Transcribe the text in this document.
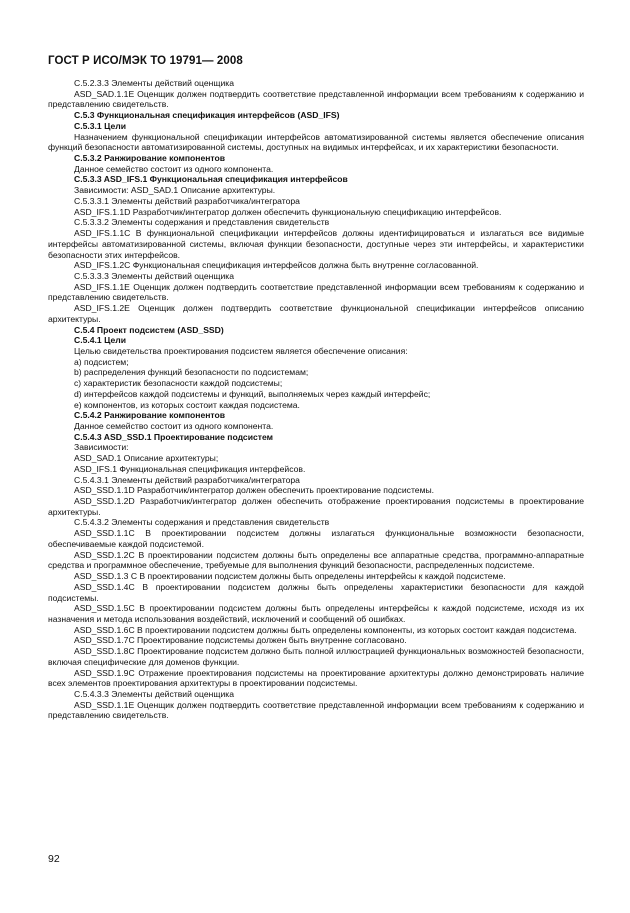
ГОСТ Р ИСО/МЭК ТО 19791— 2008

C.5.2.3.3 Элементы действий оценщика

ASD_SAD.1.1E Оценщик должен подтвердить соответствие представленной информации всем требованиям к содержанию и представлению свидетельств.

C.5.3 Функциональная спецификация интерфейсов (ASD_IFS)

C.5.3.1 Цели

Назначением функциональной спецификации интерфейсов автоматизированной системы является обеспечение описания функций безопасности автоматизированной системы, доступных на видимых интерфейсах, и их характеристики безопасности.

C.5.3.2 Ранжирование компонентов

Данное семейство состоит из одного компонента.

C.5.3.3 ASD_IFS.1 Функциональная спецификация интерфейсов

Зависимости: ASD_SAD.1 Описание архитектуры.

C.5.3.3.1 Элементы действий разработчика/интегратора

ASD_IFS.1.1D Разработчик/интегратор должен обеспечить функциональную спецификацию интерфейсов.

C.5.3.3.2 Элементы содержания и представления свидетельств

ASD_IFS.1.1C В функциональной спецификации интерфейсов должны идентифицироваться и излагаться все видимые интерфейсы автоматизированной системы, включая функции безопасности, доступные через эти интерфейсы, и характеристики безопасности этих интерфейсов.

ASD_IFS.1.2C Функциональная спецификация интерфейсов должна быть внутренне согласованной.

C.5.3.3.3 Элементы действий оценщика

ASD_IFS.1.1E Оценщик должен подтвердить соответствие представленной информации всем требованиям к содержанию и представлению свидетельств.

ASD_IFS.1.2E Оценщик должен подтвердить соответствие функциональной спецификации интерфейсов описанию архитектуры.

C.5.4 Проект подсистем (ASD_SSD)

C.5.4.1 Цели

Целью свидетельства проектирования подсистем является обеспечение описания:

a) подсистем;

b) распределения функций безопасности по подсистемам;

c) характеристик безопасности каждой подсистемы;

d) интерфейсов каждой подсистемы и функций, выполняемых через каждый интерфейс;

e) компонентов, из которых состоит каждая подсистема.

C.5.4.2 Ранжирование компонентов

Данное семейство состоит из одного компонента.

C.5.4.3 ASD_SSD.1 Проектирование подсистем

Зависимости:

ASD_SAD.1 Описание архитектуры;

ASD_IFS.1 Функциональная спецификация интерфейсов.

C.5.4.3.1 Элементы действий разработчика/интегратора

ASD_SSD.1.1D Разработчик/интегратор должен обеспечить проектирование подсистемы.

ASD_SSD.1.2D Разработчик/интегратор должен обеспечить отображение проектирования подсистемы в проектирование архитектуры.

C.5.4.3.2 Элементы содержания и представления свидетельств

ASD_SSD.1.1C В проектировании подсистем должны излагаться функциональные возможности безопасности, обеспечиваемые каждой подсистемой.

ASD_SSD.1.2C В проектировании подсистем должны быть определены все аппаратные средства, программно-аппаратные средства и программное обеспечение, требуемые для выполнения функций безопасности, распределенных подсистеме.

ASD_SSD.1.3 C В проектировании подсистем должны быть определены интерфейсы к каждой подсистеме.

ASD_SSD.1.4C В проектировании подсистем должны быть определены характеристики безопасности для каждой подсистемы.

ASD_SSD.1.5C В проектировании подсистем должны быть определены интерфейсы к каждой подсистеме, исходя из их назначения и метода использования воздействий, исключений и сообщений об ошибках.

ASD_SSD.1.6C В проектировании подсистем должны быть определены компоненты, из которых состоит каждая подсистема.

ASD_SSD.1.7C Проектирование подсистемы должен быть внутренне согласовано.

ASD_SSD.1.8C Проектирование подсистем должно быть полной иллюстрацией функциональных возможностей безопасности, включая специфические для доменов функции.

ASD_SSD.1.9C Отражение проектирования подсистемы на проектирование архитектуры должно демонстрировать наличие всех элементов проектирования архитектуры в проектировании подсистемы.

C.5.4.3.3 Элементы действий оценщика

ASD_SSD.1.1E Оценщик должен подтвердить соответствие представленной информации всем требованиям к содержанию и представлению свидетельств.

92
